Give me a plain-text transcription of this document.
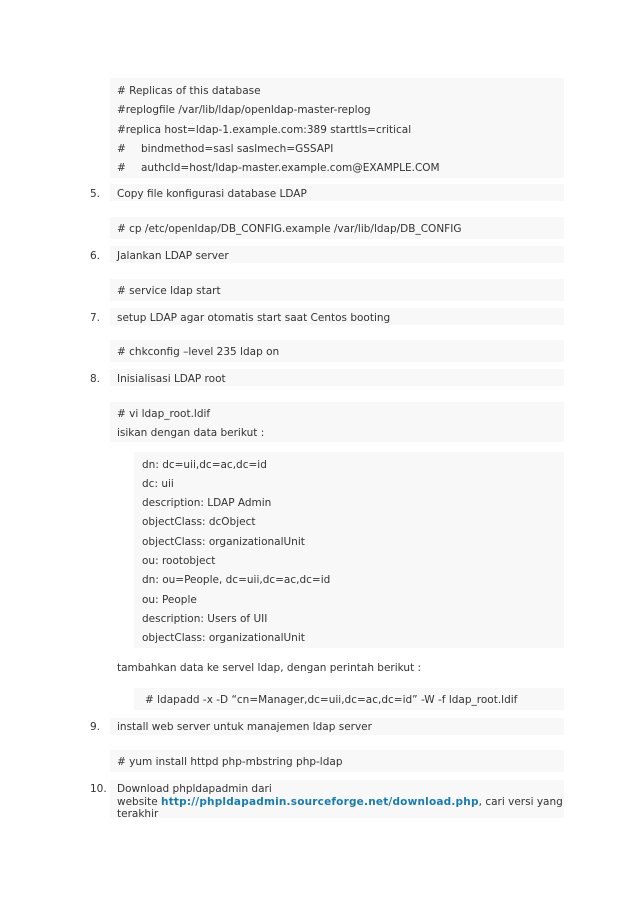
# Replicas of this database
#replogfile /var/lib/ldap/openldap-master-replog
#replica host=ldap-1.example.com:389 starttls=critical
# bindmethod=sasl saslmech=GSSAPI
# authcId=host/ldap-master.example.com@EXAMPLE.COM
5. Copy file konfigurasi database LDAP
# cp /etc/openldap/DB_CONFIG.example /var/lib/ldap/DB_CONFIG
6. Jalankan LDAP server
# service ldap start
7. setup LDAP agar otomatis start saat Centos booting
# chkconfig –level 235 ldap on
8. Inisialisasi LDAP root
# vi ldap_root.ldif
isikan dengan data berikut :
dn: dc=uii,dc=ac,dc=id
dc: uii
description: LDAP Admin
objectClass: dcObject
objectClass: organizationalUnit
ou: rootobject
dn: ou=People, dc=uii,dc=ac,dc=id
ou: People
description: Users of UII
objectClass: organizationalUnit
tambahkan data ke servel ldap, dengan perintah berikut :
# ldapadd -x -D “cn=Manager,dc=uii,dc=ac,dc=id” -W -f ldap_root.ldif
9. install web server untuk manajemen ldap server
# yum install httpd php-mbstring php-ldap
10. Download phpldapadmin dari
website http://phpldapadmin.sourceforge.net/download.php, cari versi yang
terakhir
